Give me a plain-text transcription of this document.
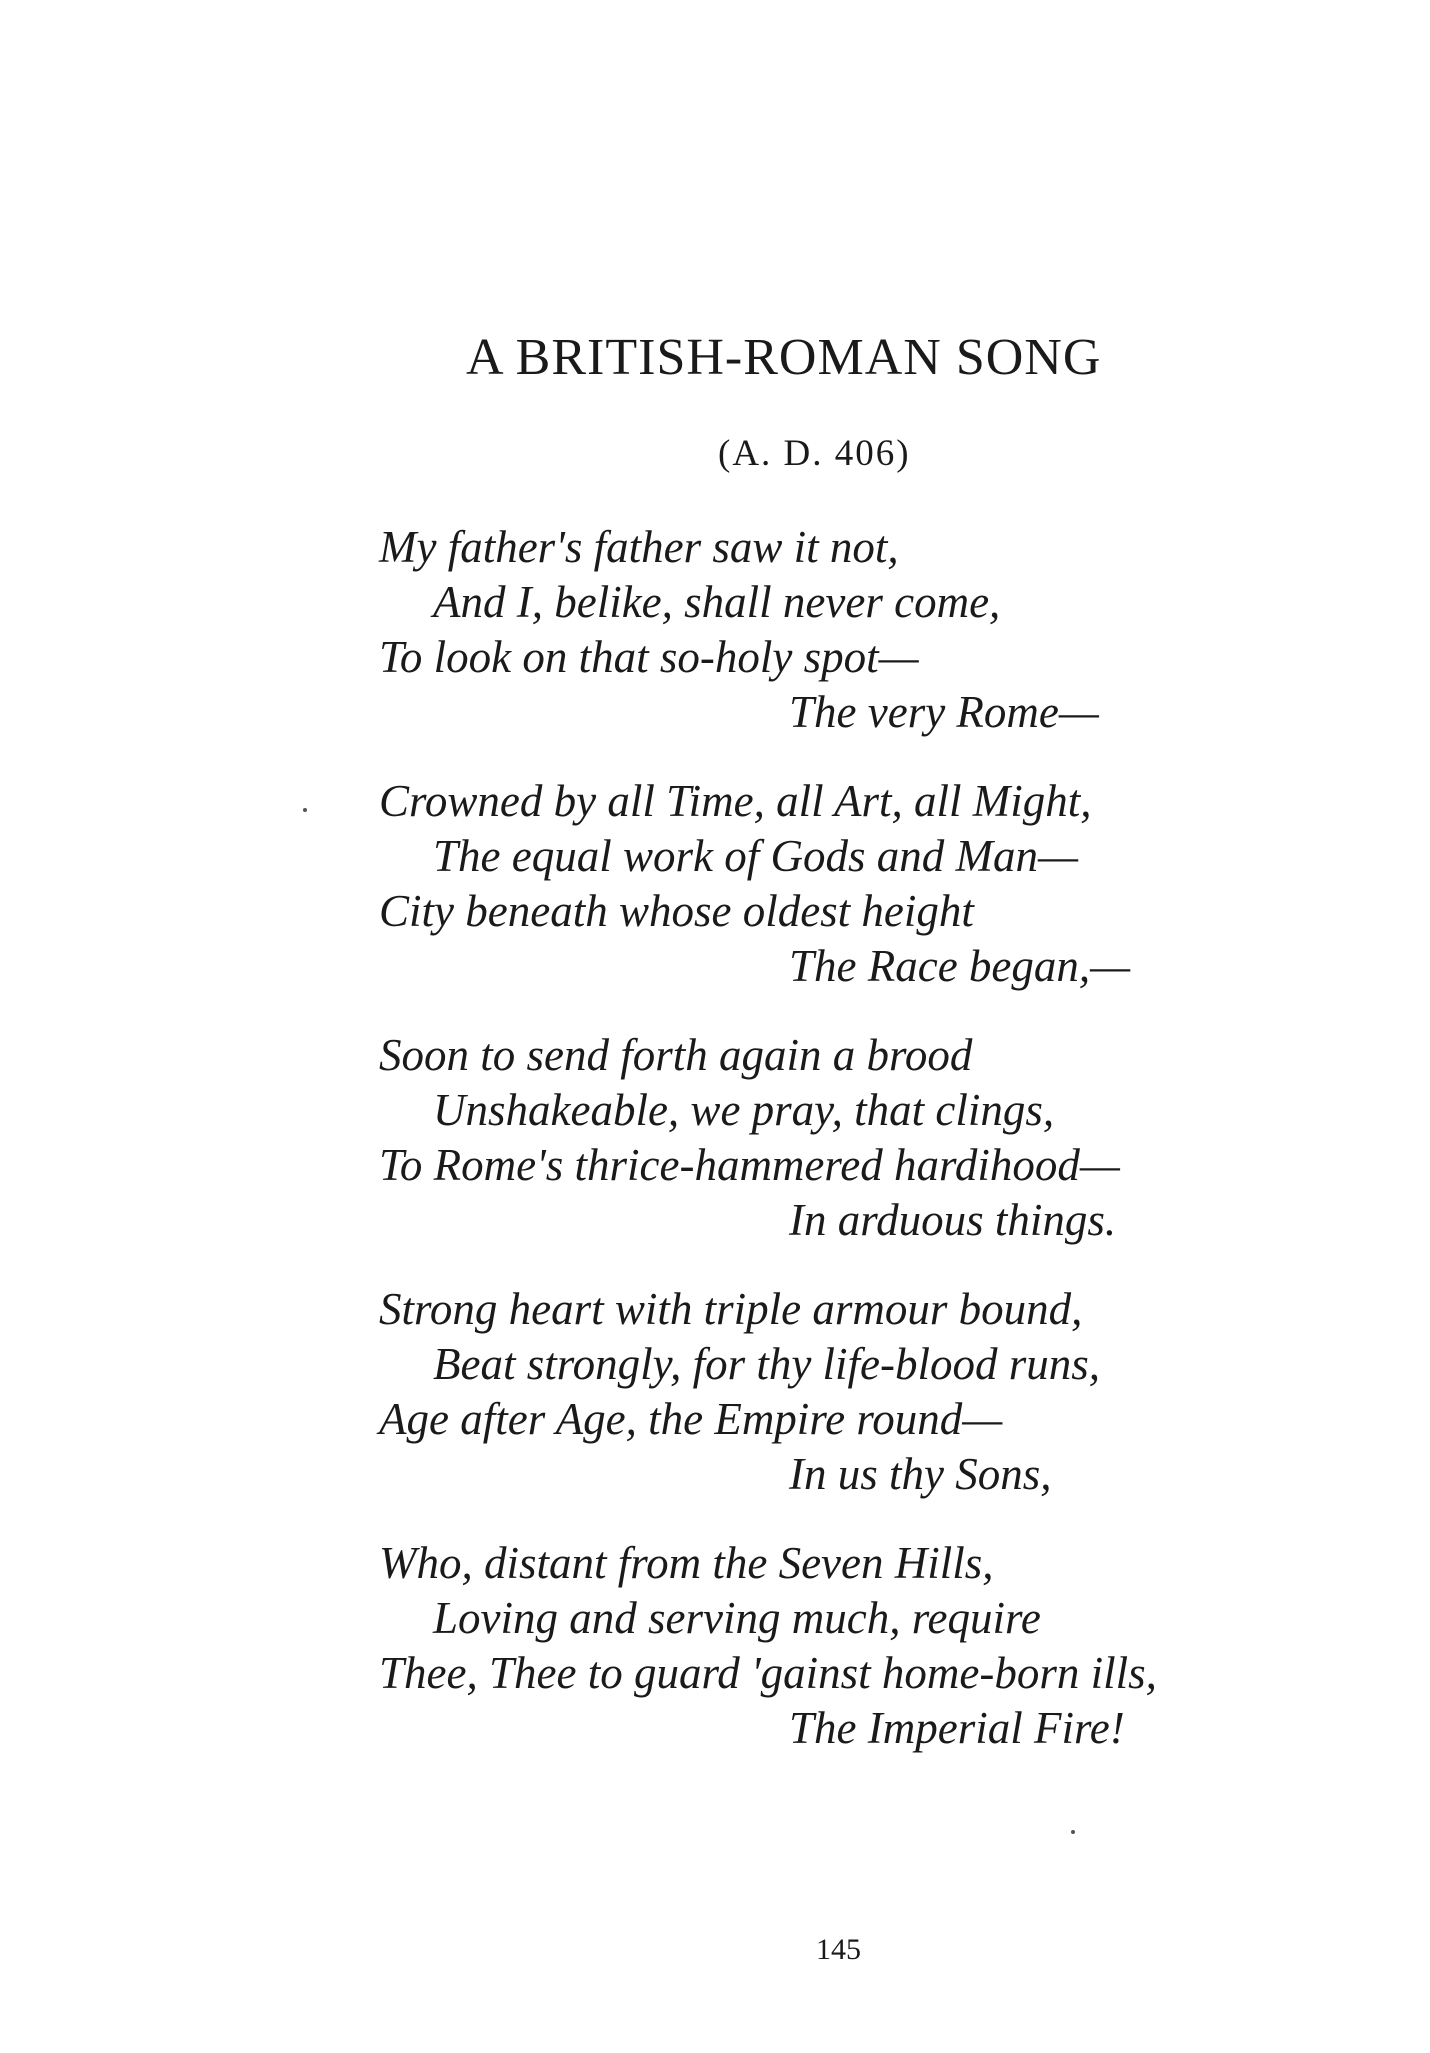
A BRITISH-ROMAN SONG
(A. D. 406)
My father's father saw it not,
And I, belike, shall never come,
To look on that so-holy spot—
The very Rome—
Crowned by all Time, all Art, all Might,
The equal work of Gods and Man—
City beneath whose oldest height
The Race began,—
Soon to send forth again a brood
Unshakeable, we pray, that clings,
To Rome's thrice-hammered hardihood—
In arduous things.
Strong heart with triple armour bound,
Beat strongly, for thy life-blood runs,
Age after Age, the Empire round—
In us thy Sons,
Who, distant from the Seven Hills,
Loving and serving much, require
Thee, Thee to guard 'gainst home-born ills,
The Imperial Fire!
145
